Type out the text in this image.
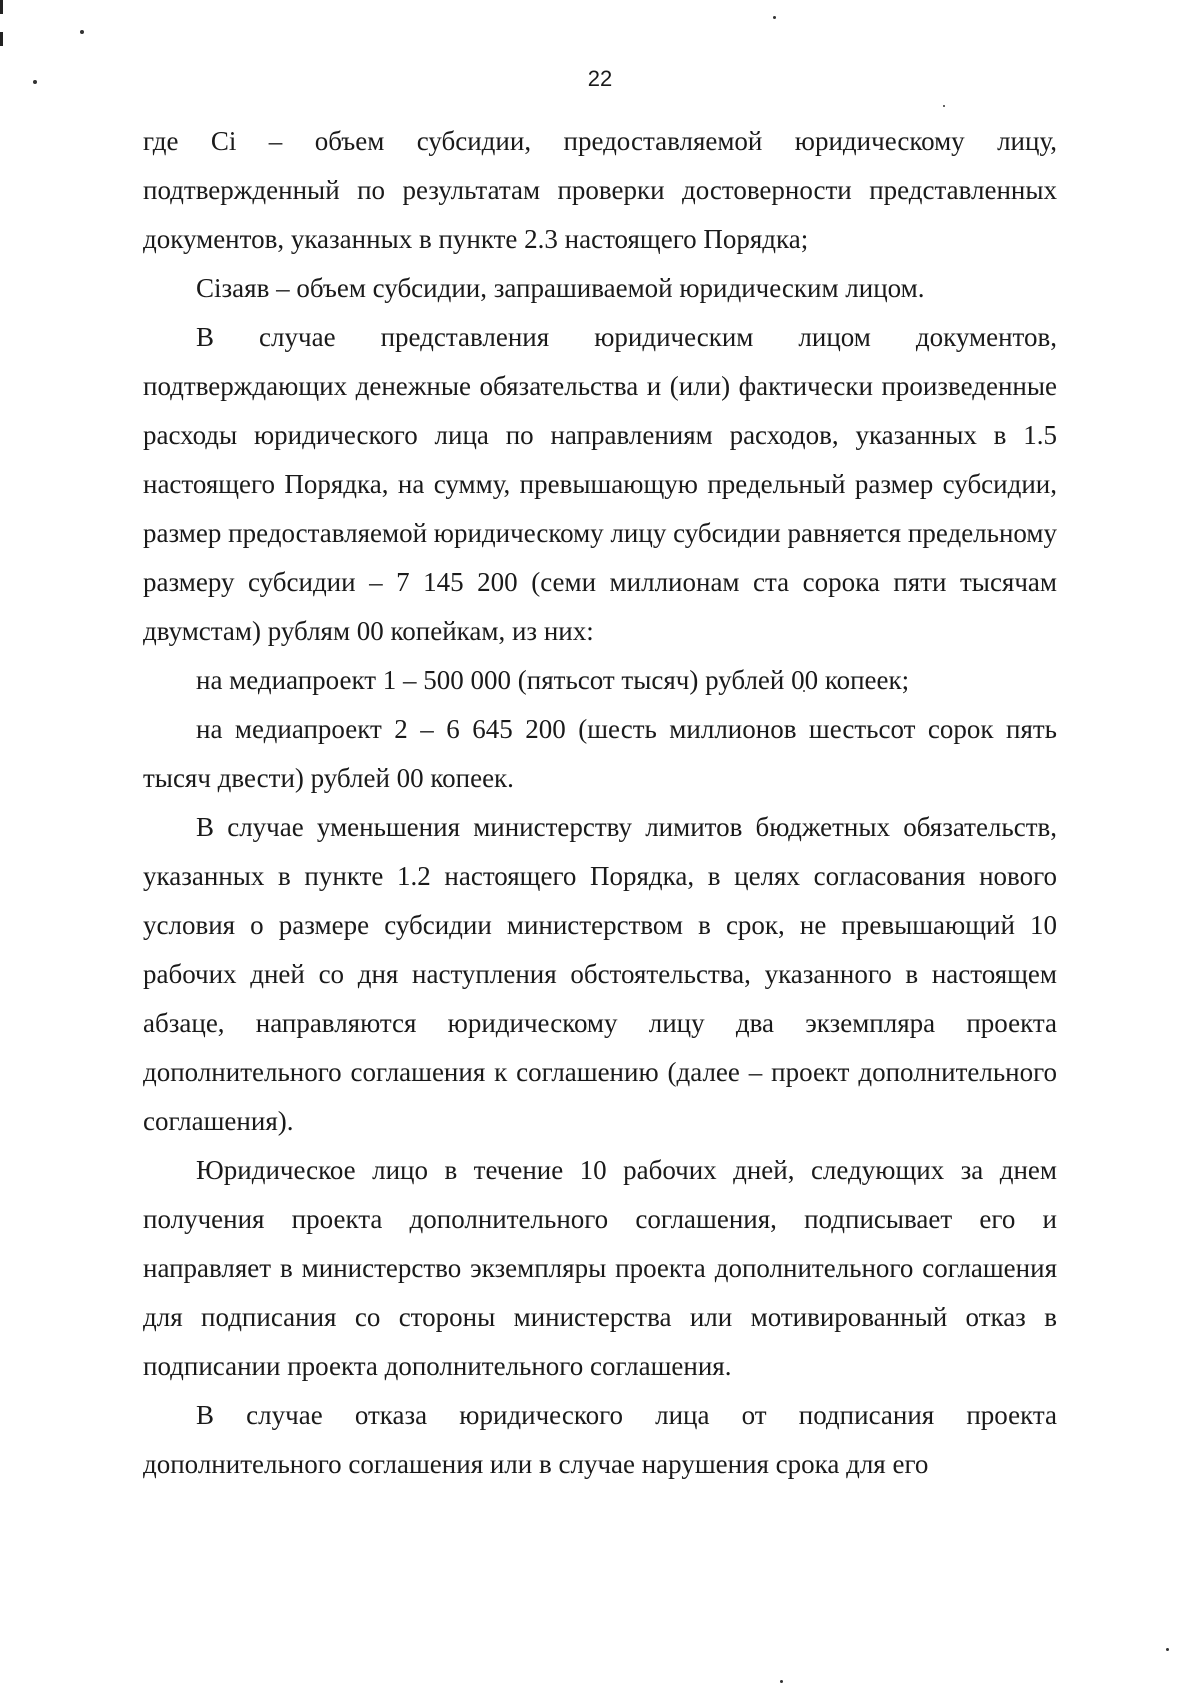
22

где Ci – объем субсидии, предоставляемой юридическому лицу, подтвержденный по результатам проверки достоверности представленных документов, указанных в пункте 2.3 настоящего Порядка;

Ciзаяв – объем субсидии, запрашиваемой юридическим лицом.

В случае представления юридическим лицом документов, подтверждающих денежные обязательства и (или) фактически произведенные расходы юридического лица по направлениям расходов, указанных в 1.5 настоящего Порядка, на сумму, превышающую предельный размер субсидии, размер предоставляемой юридическому лицу субсидии равняется предельному размеру субсидии – 7 145 200 (семи миллионам ста сорока пяти тысячам двумстам) рублям 00 копейкам, из них:

на медиапроект 1 – 500 000 (пятьсот тысяч) рублей 00 копеек;

на медиапроект 2 – 6 645 200 (шесть миллионов шестьсот сорок пять тысяч двести) рублей 00 копеек.

В случае уменьшения министерству лимитов бюджетных обязательств, указанных в пункте 1.2 настоящего Порядка, в целях согласования нового условия о размере субсидии министерством в срок, не превышающий 10 рабочих дней со дня наступления обстоятельства, указанного в настоящем абзаце, направляются юридическому лицу два экземпляра проекта дополнительного соглашения к соглашению (далее – проект дополнительного соглашения).

Юридическое лицо в течение 10 рабочих дней, следующих за днем получения проекта дополнительного соглашения, подписывает его и направляет в министерство экземпляры проекта дополнительного соглашения для подписания со стороны министерства или мотивированный отказ в подписании проекта дополнительного соглашения.

В случае отказа юридического лица от подписания проекта дополнительного соглашения или в случае нарушения срока для его
